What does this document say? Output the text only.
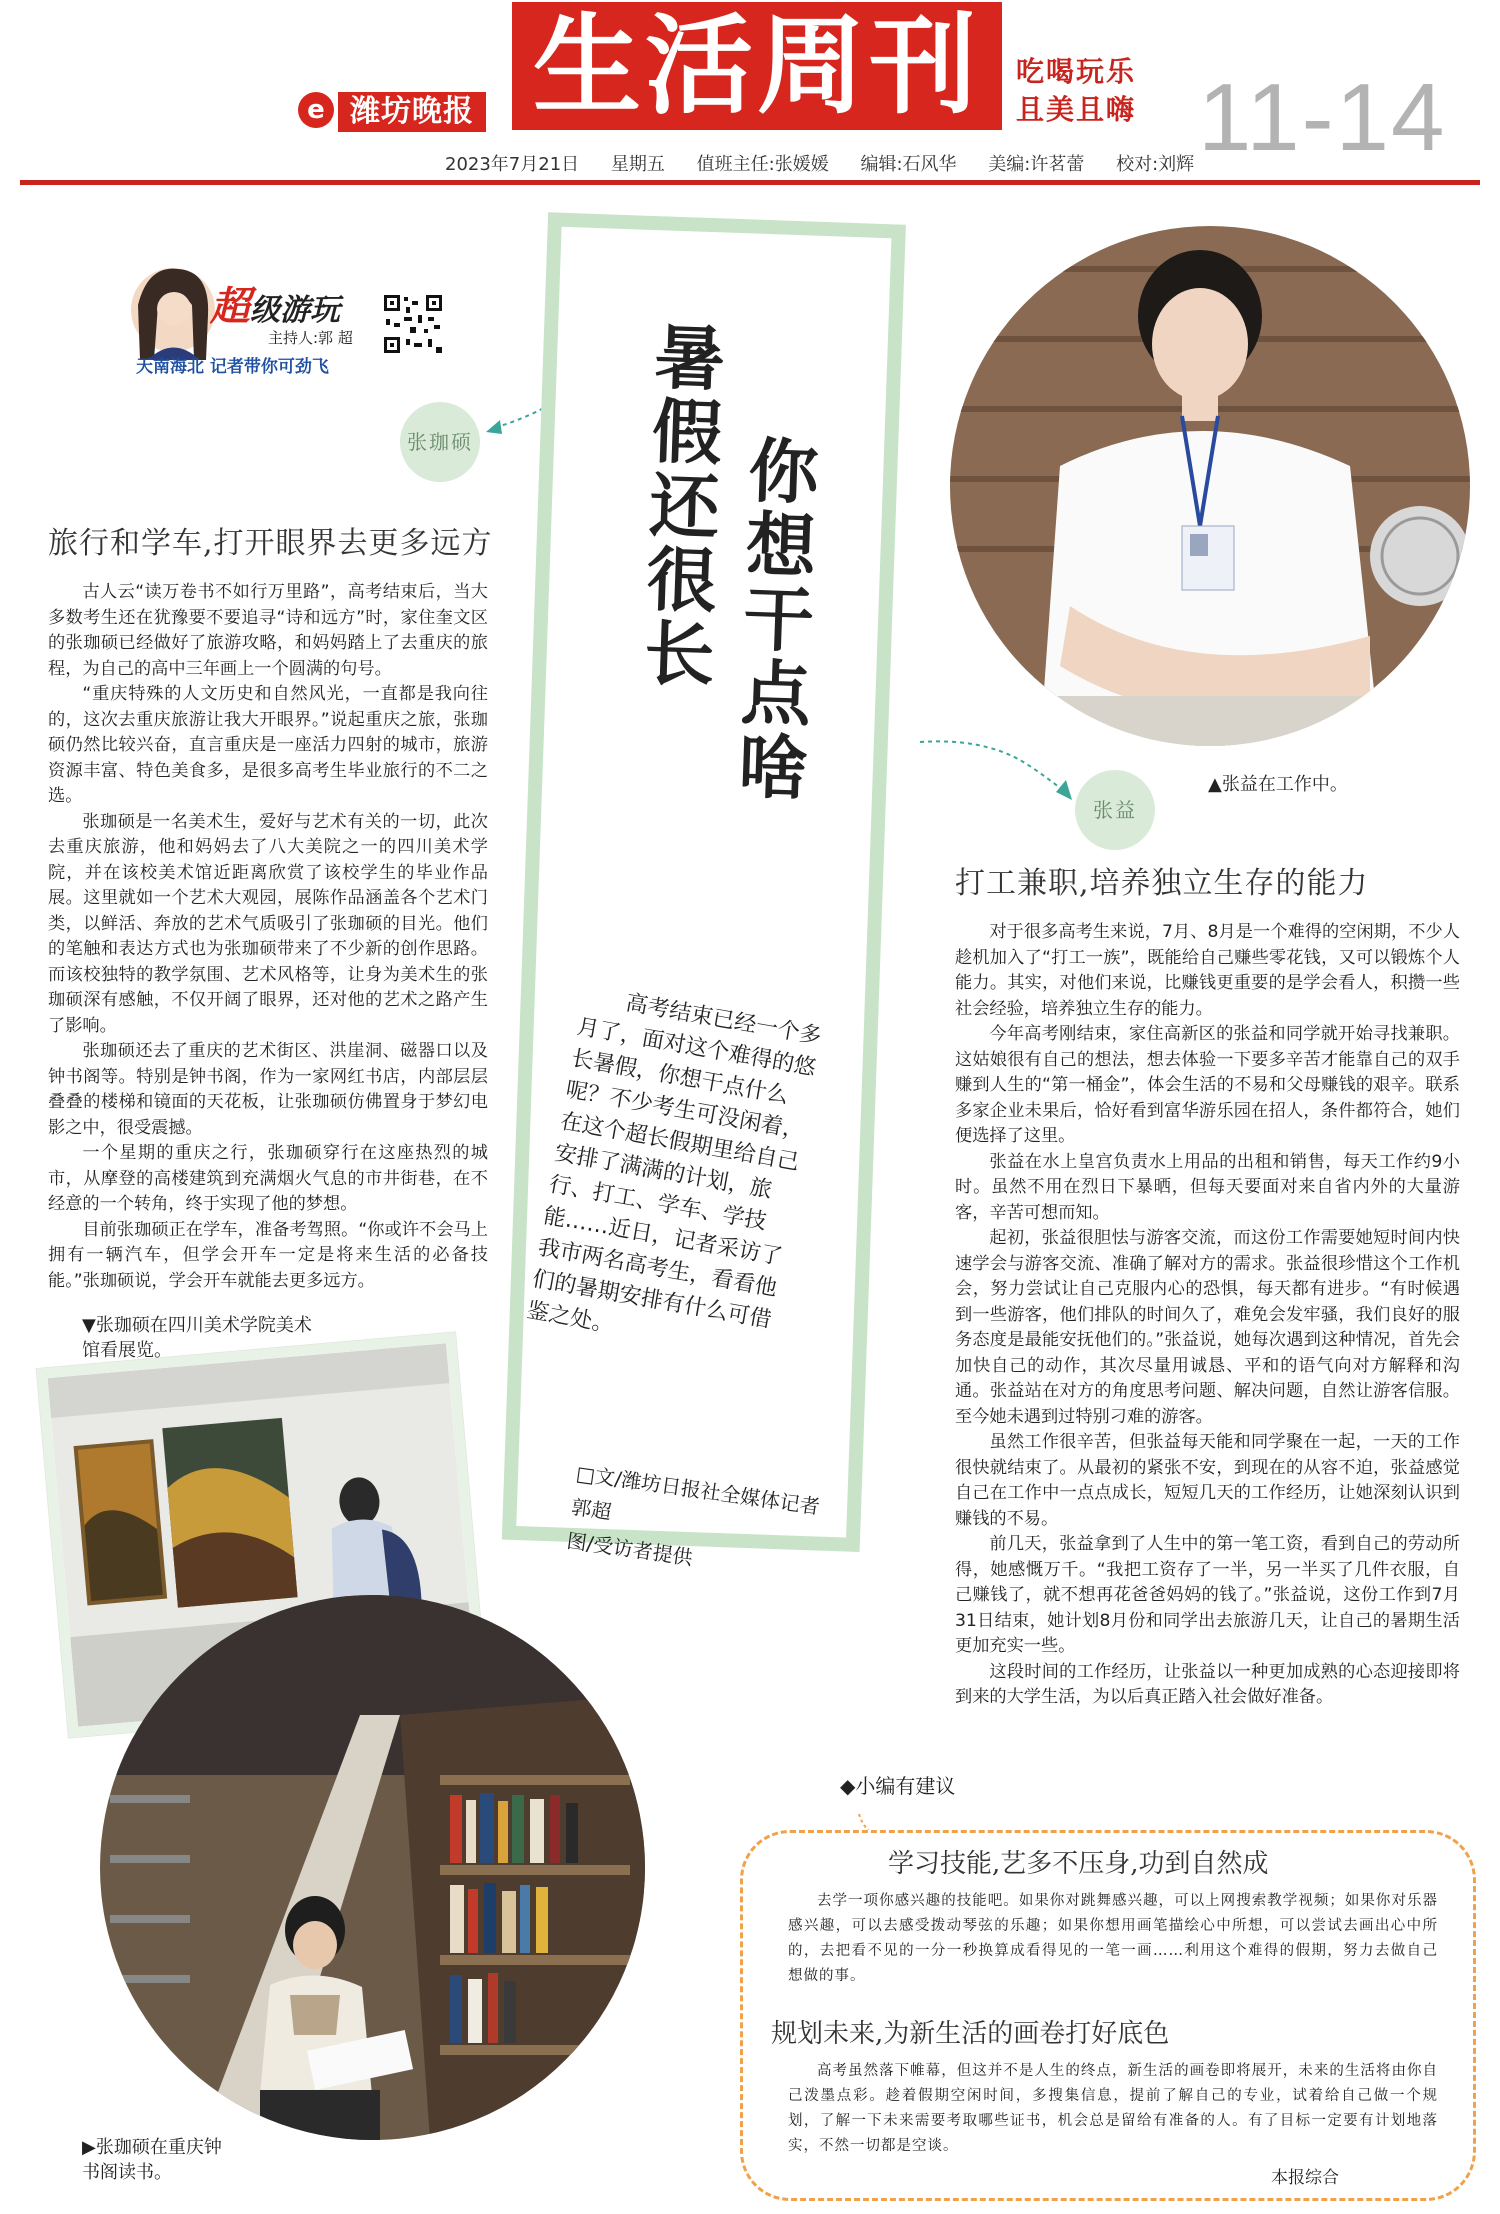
e 潍坊晚报 生活周刊	吃喝玩乐
且美且嗨 11-14
2023年7月21日 星期五 值班主任:张媛媛 编辑:石风华 美编:许茗蕾 校对:刘辉
超级游玩
主持人:郭 超
天南海北 记者带你可劲飞
张珈硕
旅行和学车,打开眼界去更多远方

古人云“读万卷书不如行万里路”，高考结束后，当大多数考生还在犹豫要不要追寻“诗和远方”时，家住奎文区的张珈硕已经做好了旅游攻略，和妈妈踏上了去重庆的旅程，为自己的高中三年画上一个圆满的句号。

“重庆特殊的人文历史和自然风光，一直都是我向往的，这次去重庆旅游让我大开眼界。”说起重庆之旅，张珈硕仍然比较兴奋，直言重庆是一座活力四射的城市，旅游资源丰富、特色美食多，是很多高考生毕业旅行的不二之选。

张珈硕是一名美术生，爱好与艺术有关的一切，此次去重庆旅游，他和妈妈去了八大美院之一的四川美术学院，并在该校美术馆近距离欣赏了该校学生的毕业作品展。这里就如一个艺术大观园，展陈作品涵盖各个艺术门类，以鲜活、奔放的艺术气质吸引了张珈硕的目光。他们的笔触和表达方式也为张珈硕带来了不少新的创作思路。而该校独特的教学氛围、艺术风格等，让身为美术生的张珈硕深有感触，不仅开阔了眼界，还对他的艺术之路产生了影响。

张珈硕还去了重庆的艺术街区、洪崖洞、磁器口以及钟书阁等。特别是钟书阁，作为一家网红书店，内部层层叠叠的楼梯和镜面的天花板，让张珈硕仿佛置身于梦幻电影之中，很受震撼。

一个星期的重庆之行，张珈硕穿行在这座热烈的城市，从摩登的高楼建筑到充满烟火气息的市井街巷，在不经意的一个转角，终于实现了他的梦想。

目前张珈硕正在学车，准备考驾照。“你或许不会马上拥有一辆汽车，但学会开车一定是将来生活的必备技能。”张珈硕说，学会开车就能去更多远方。

▼张珈硕在四川美术学院美术馆看展览。
▶张珈硕在重庆钟书阁读书。
你想干点啥
暑假还很长
高考结束已经一个多月了，面对这个难得的悠长暑假，你想干点什么呢？不少考生可没闲着，在这个超长假期里给自己安排了满满的计划，旅行、打工、学车、学技能……近日，记者采访了我市两名高考生，看看他们的暑期安排有什么可借鉴之处。
□文/潍坊日报社全媒体记者 郭超
图/受访者提供
▲张益在工作中。
张益
打工兼职,培养独立生存的能力

对于很多高考生来说，7月、8月是一个难得的空闲期，不少人趁机加入了“打工一族”，既能给自己赚些零花钱，又可以锻炼个人能力。其实，对他们来说，比赚钱更重要的是学会看人，积攒一些社会经验，培养独立生存的能力。

今年高考刚结束，家住高新区的张益和同学就开始寻找兼职。这姑娘很有自己的想法，想去体验一下要多辛苦才能靠自己的双手赚到人生的“第一桶金”，体会生活的不易和父母赚钱的艰辛。联系多家企业未果后，恰好看到富华游乐园在招人，条件都符合，她们便选择了这里。

张益在水上皇宫负责水上用品的出租和销售，每天工作约9小时。虽然不用在烈日下暴晒，但每天要面对来自省内外的大量游客，辛苦可想而知。

起初，张益很胆怯与游客交流，而这份工作需要她短时间内快速学会与游客交流、准确了解对方的需求。张益很珍惜这个工作机会，努力尝试让自己克服内心的恐惧，每天都有进步。“有时候遇到一些游客，他们排队的时间久了，难免会发牢骚，我们良好的服务态度是最能安抚他们的。”张益说，她每次遇到这种情况，首先会加快自己的动作，其次尽量用诚恳、平和的语气向对方解释和沟通。张益站在对方的角度思考问题、解决问题，自然让游客信服。至今她未遇到过特别刁难的游客。

虽然工作很辛苦，但张益每天能和同学聚在一起，一天的工作很快就结束了。从最初的紧张不安，到现在的从容不迫，张益感觉自己在工作中一点点成长，短短几天的工作经历，让她深刻认识到赚钱的不易。

前几天，张益拿到了人生中的第一笔工资，看到自己的劳动所得，她感慨万千。“我把工资存了一半，另一半买了几件衣服，自己赚钱了，就不想再花爸爸妈妈的钱了。”张益说，这份工作到7月31日结束，她计划8月份和同学出去旅游几天，让自己的暑期生活更加充实一些。

这段时间的工作经历，让张益以一种更加成熟的心态迎接即将到来的大学生活，为以后真正踏入社会做好准备。

◆小编有建议
学习技能,艺多不压身,功到自然成
去学一项你感兴趣的技能吧。如果你对跳舞感兴趣，可以上网搜索教学视频；如果你对乐器感兴趣，可以去感受拨动琴弦的乐趣；如果你想用画笔描绘心中所想，可以尝试去画出心中所的，去把看不见的一分一秒换算成看得见的一笔一画……利用这个难得的假期，努力去做自己想做的事。
规划未来,为新生活的画卷打好底色
高考虽然落下帷幕，但这并不是人生的终点，新生活的画卷即将展开，未来的生活将由你自己泼墨点彩。趁着假期空闲时间，多搜集信息，提前了解自己的专业，试着给自己做一个规划，了解一下未来需要考取哪些证书，机会总是留给有准备的人。有了目标一定要有计划地落实，不然一切都是空谈。
本报综合
